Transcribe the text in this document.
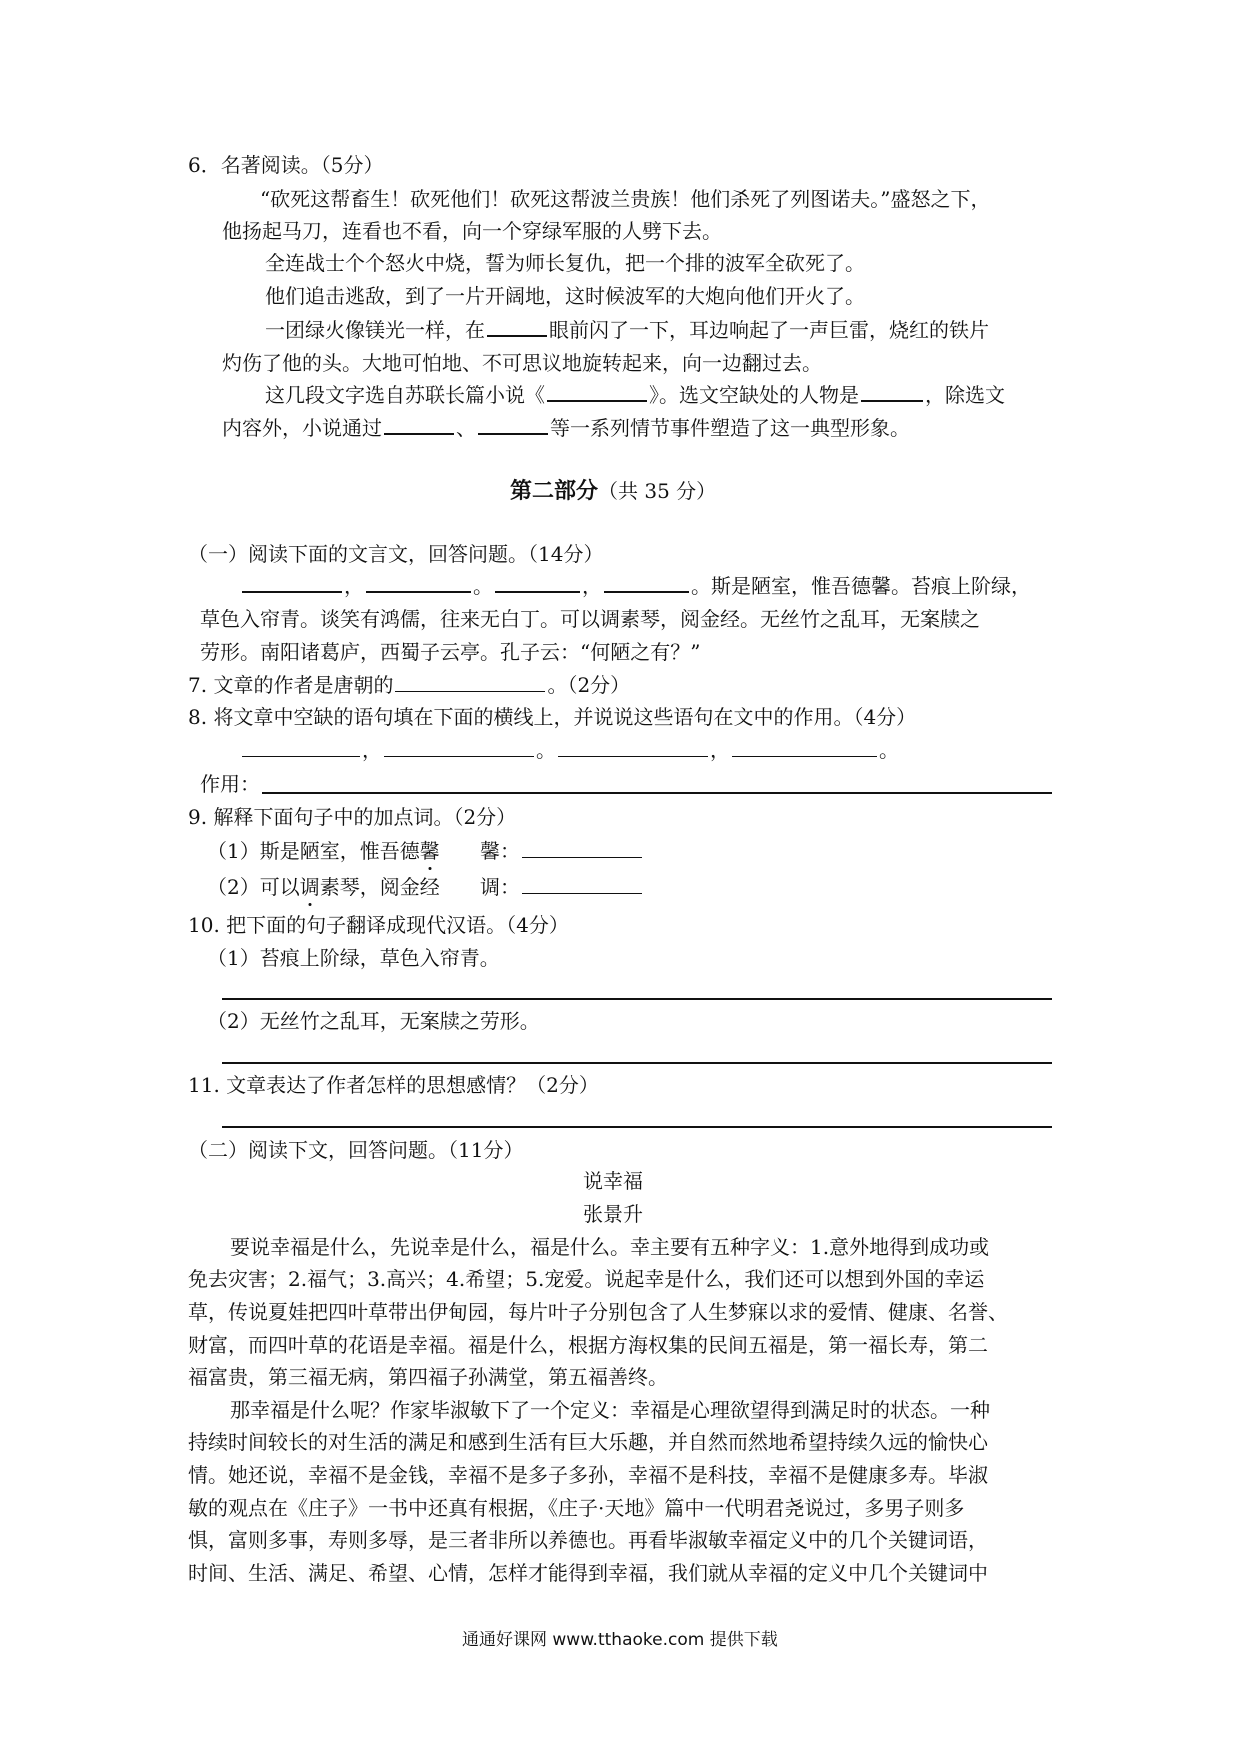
6．名著阅读。（5分）
“砍死这帮畜生！砍死他们！砍死这帮波兰贵族！他们杀死了列图诺夫。”盛怒之下，
他扬起马刀，连看也不看，向一个穿绿军服的人劈下去。
全连战士个个怒火中烧，誓为师长复仇，把一个排的波军全砍死了。
他们追击逃敌，到了一片开阔地，这时候波军的大炮向他们开火了。
一团绿火像镁光一样，在	眼前闪了一下，耳边响起了一声巨雷，烧红的铁片
灼伤了他的头。大地可怕地、不可思议地旋转起来，向一边翻过去。
这几段文字选自苏联长篇小说《	》。选文空缺处的人物是	，除选文
内容外，小说通过	、	等一系列情节事件塑造了这一典型形象。
第二部分（共 35 分）
（一）阅读下面的文言文，回答问题。（14分）
，	。	，	。斯是陋室，惟吾德馨。苔痕上阶绿，
草色入帘青。谈笑有鸿儒，往来无白丁。可以调素琴，阅金经。无丝竹之乱耳，无案牍之
劳形。南阳诸葛庐，西蜀子云亭。孔子云：“何陋之有？”
7. 文章的作者是唐朝的	。（2分）
8. 将文章中空缺的语句填在下面的横线上，并说说这些语句在文中的作用。（4分）
，	。	，	。
作用：
9. 解释下面句子中的加点词。（2分）
（1）斯是陋室，惟吾德馨 馨：
（2）可以调素琴，阅金经 调：
10. 把下面的句子翻译成现代汉语。（4分）
（1）苔痕上阶绿，草色入帘青。
（2）无丝竹之乱耳，无案牍之劳形。
11. 文章表达了作者怎样的思想感情？（2分）
（二）阅读下文，回答问题。（11分）
说幸福
张景升
要说幸福是什么，先说幸是什么，福是什么。幸主要有五种字义：1.意外地得到成功或
免去灾害；2.福气；3.高兴；4.希望；5.宠爱。说起幸是什么，我们还可以想到外国的幸运
草，传说夏娃把四叶草带出伊甸园，每片叶子分别包含了人生梦寐以求的爱情、健康、名誉、
财富，而四叶草的花语是幸福。福是什么，根据方海权集的民间五福是，第一福长寿，第二
福富贵，第三福无病，第四福子孙满堂，第五福善终。
那幸福是什么呢？作家毕淑敏下了一个定义：幸福是心理欲望得到满足时的状态。一种
持续时间较长的对生活的满足和感到生活有巨大乐趣，并自然而然地希望持续久远的愉快心
情。她还说，幸福不是金钱，幸福不是多子多孙，幸福不是科技，幸福不是健康多寿。毕淑
敏的观点在《庄子》一书中还真有根据，《庄子·天地》篇中一代明君尧说过，多男子则多
惧，富则多事，寿则多辱，是三者非所以养德也。再看毕淑敏幸福定义中的几个关键词语，
时间、生活、满足、希望、心情，怎样才能得到幸福，我们就从幸福的定义中几个关键词中
通通好课网 www.tthaoke.com 提供下载
